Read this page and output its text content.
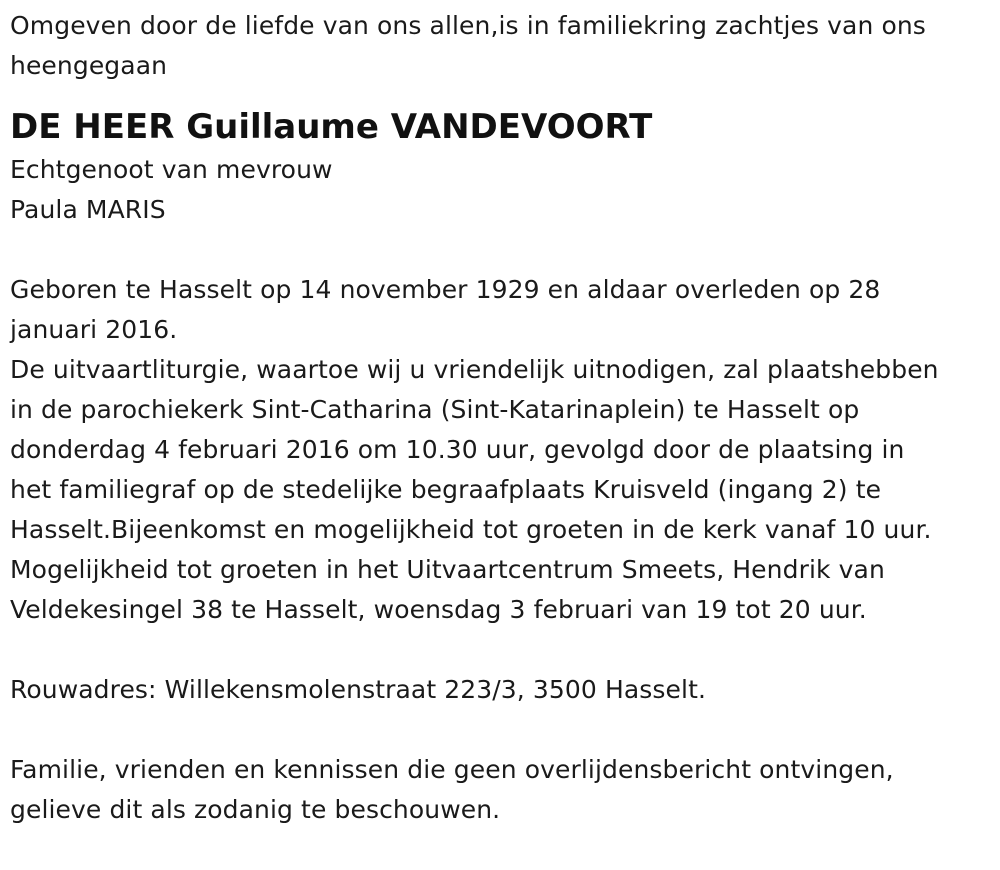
Omgeven door de liefde van ons allen,is in familiekring zachtjes van ons
heengegaan
DE HEER Guillaume VANDEVOORT
Echtgenoot van mevrouw
Paula MARIS
Geboren te Hasselt op 14 november 1929 en aldaar overleden op 28
januari 2016.
De uitvaartliturgie, waartoe wij u vriendelijk uitnodigen, zal plaatshebben
in de parochiekerk Sint-Catharina (Sint-Katarinaplein) te Hasselt op
donderdag 4 februari 2016 om 10.30 uur, gevolgd door de plaatsing in
het familiegraf op de stedelijke begraafplaats Kruisveld (ingang 2) te
Hasselt.Bijeenkomst en mogelijkheid tot groeten in de kerk vanaf 10 uur.
Mogelijkheid tot groeten in het Uitvaartcentrum Smeets, Hendrik van
Veldekesingel 38 te Hasselt, woensdag 3 februari van 19 tot 20 uur.
Rouwadres: Willekensmolenstraat 223/3, 3500 Hasselt.
Familie, vrienden en kennissen die geen overlijdensbericht ontvingen,
gelieve dit als zodanig te beschouwen.
